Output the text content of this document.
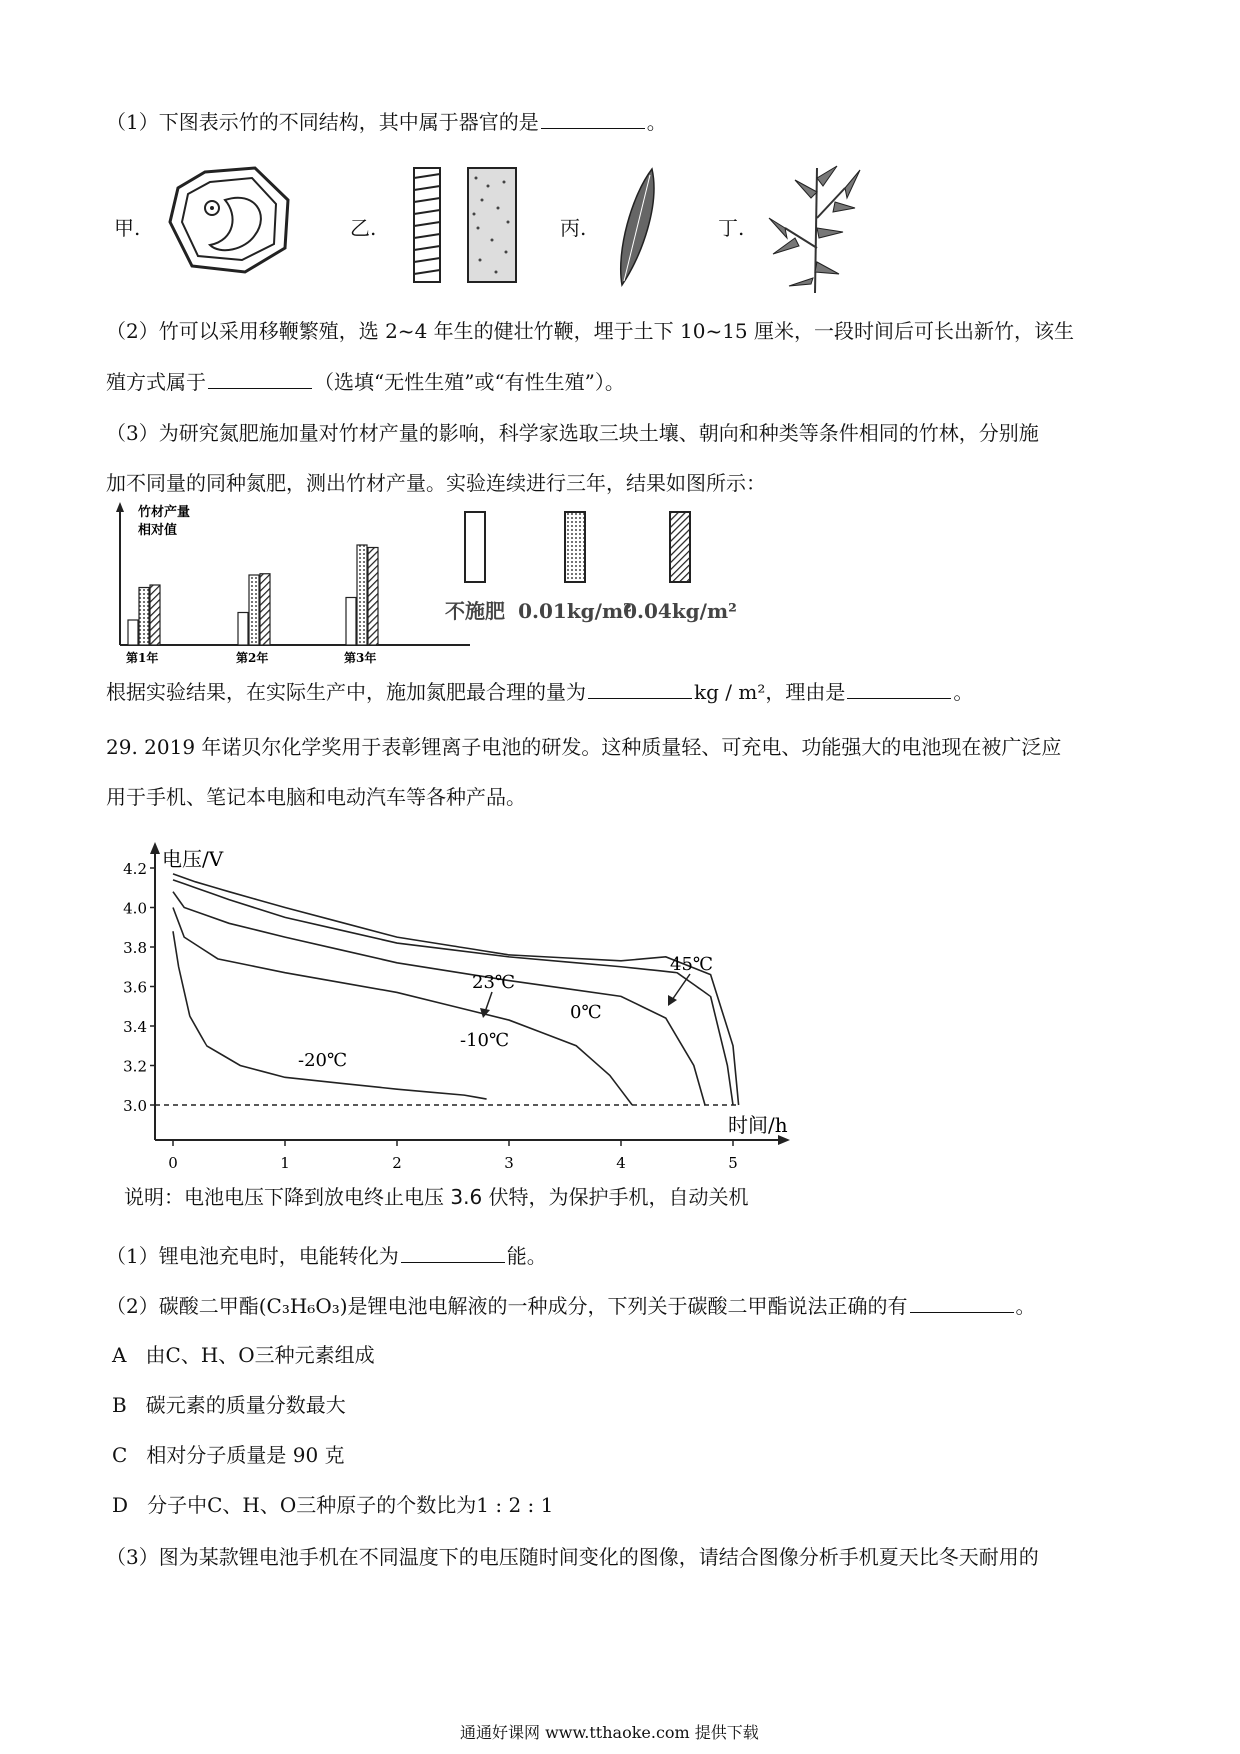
（1）下图表示竹的不同结构，其中属于器官的是	。
甲.	乙.	丙.	丁.
（2）竹可以采用移鞭繁殖，选 2~4 年生的健壮竹鞭，埋于土下 10~15 厘米，一段时间后可长出新竹，该生
殖方式属于	（选填“无性生殖”或“有性生殖”）。
（3）为研究氮肥施加量对竹材产量的影响，科学家选取三块土壤、朝向和种类等条件相同的竹林，分别施
加不同量的同种氮肥，测出竹材产量。实验连续进行三年，结果如图所示：
竹材产量
相对值
第1年	第2年	第3年
不施肥 0.01kg/m²
0.04kg/m²
根据实验结果，在实际生产中，施加氮肥最合理的量为	kg / m²，理由是	。
29. 2019 年诺贝尔化学奖用于表彰锂离子电池的研发。这种质量轻、可充电、功能强大的电池现在被广泛应
用于手机、笔记本电脑和电动汽车等各种产品。
电压/V
时间/h
3.0
3.2
3.4
3.6
3.8
4.0
4.2
0	1	2	3	4	5
23℃
45℃
0℃
-10℃
-20℃
说明：电池电压下降到放电终止电压 3.6 伏特，为保护手机，自动关机
（1）锂电池充电时，电能转化为	能。
（2）碳酸二甲酯(C₃H₆O₃)是锂电池电解液的一种成分，下列关于碳酸二甲酯说法正确的有	。
A 由C、H、O三种元素组成
B 碳元素的质量分数最大
C 相对分子质量是 90 克
D 分子中C、H、O三种原子的个数比为1 : 2 : 1
（3）图为某款锂电池手机在不同温度下的电压随时间变化的图像，请结合图像分析手机夏天比冬天耐用的
通通好课网 www.tthaoke.com 提供下载
